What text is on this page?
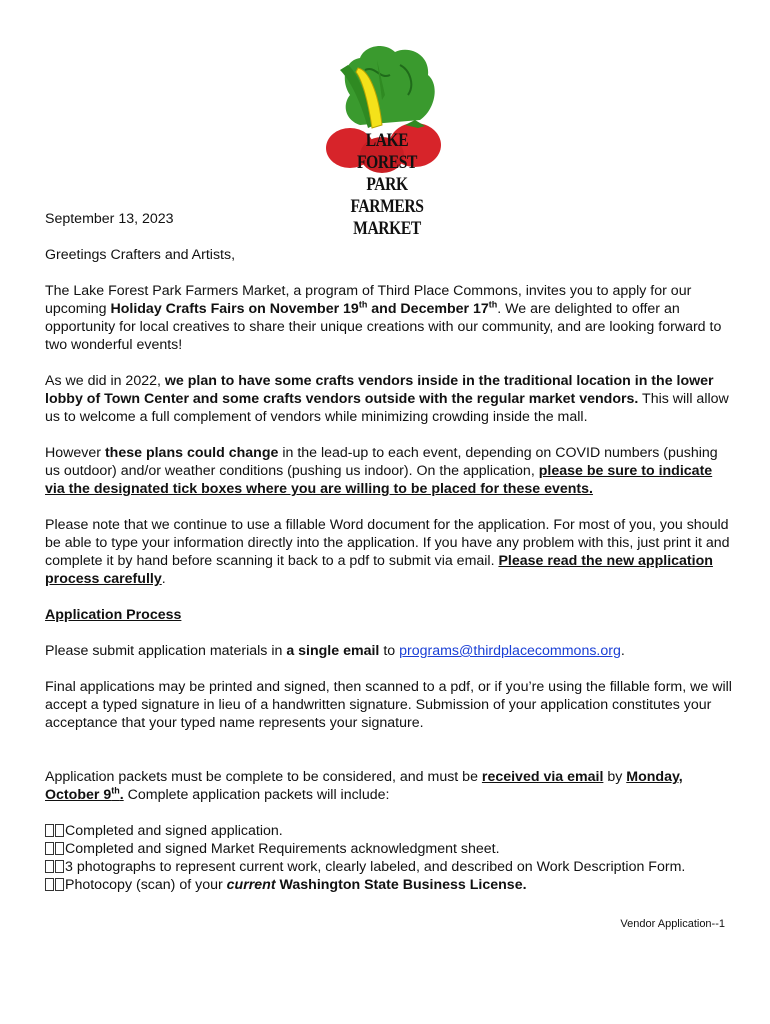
LAKE FOREST PARK
FARMERS MARKET

September 13, 2023

Greetings Crafters and Artists,

The Lake Forest Park Farmers Market, a program of Third Place Commons, invites you to apply for our upcoming Holiday Crafts Fairs on November 19th and December 17th. We are delighted to offer an opportunity for local creatives to share their unique creations with our community, and are looking forward to two wonderful events!

As we did in 2022, we plan to have some crafts vendors inside in the traditional location in the lower lobby of Town Center and some crafts vendors outside with the regular market vendors. This will allow us to welcome a full complement of vendors while minimizing crowding inside the mall.

However these plans could change in the lead-up to each event, depending on COVID numbers (pushing us outdoor) and/or weather conditions (pushing us indoor). On the application, please be sure to indicate via the designated tick boxes where you are willing to be placed for these events.

Please note that we continue to use a fillable Word document for the application. For most of you, you should be able to type your information directly into the application. If you have any problem with this, just print it and complete it by hand before scanning it back to a pdf to submit via email. Please read the new application process carefully.

Application Process

Please submit application materials in a single email to programs@thirdplacecommons.org.

Final applications may be printed and signed, then scanned to a pdf, or if you’re using the fillable form, we will accept a typed signature in lieu of a handwritten signature. Submission of your application constitutes your acceptance that your typed name represents your signature.

Application packets must be complete to be considered, and must be received via email by Monday, October 9th. Complete application packets will include:

Completed and signed application.

Completed and signed Market Requirements acknowledgment sheet.

3 photographs to represent current work, clearly labeled, and described on Work Description Form.

Photocopy (scan) of your current Washington State Business License.

Vendor Application--1
